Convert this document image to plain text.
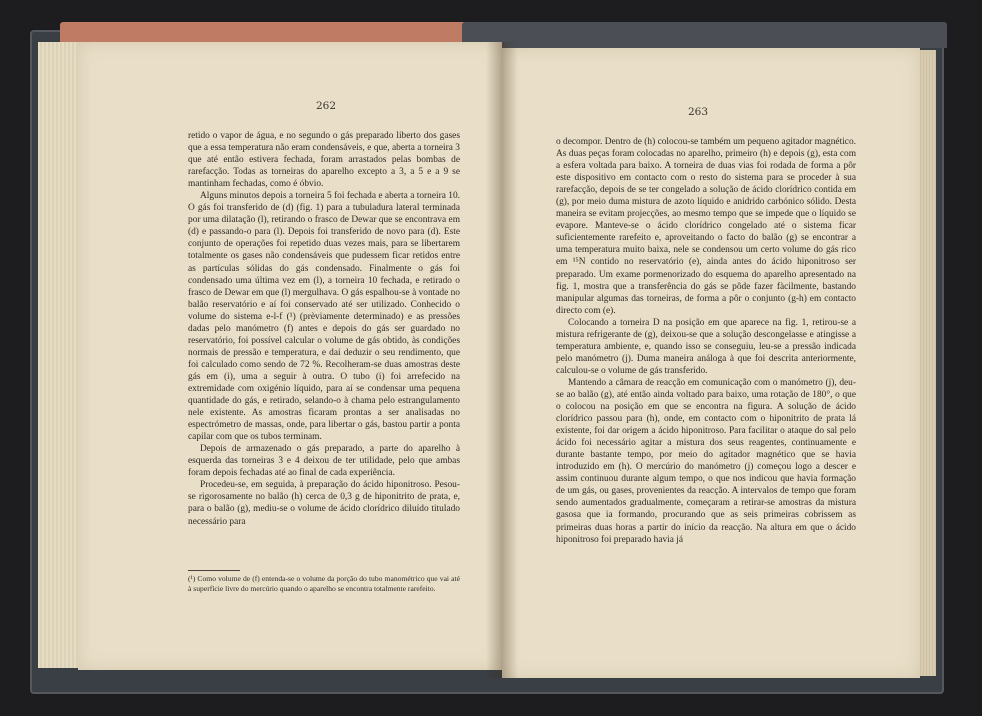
262	263

retido o vapor de água, e no segundo o gás preparado liberto dos gases que a essa temperatura não eram condensáveis, e que, aberta a torneira 3 que até então estivera fechada, foram arrastados pelas bombas de rarefacção. Todas as torneiras do aparelho excepto a 3, a 5 e a 9 se mantinham fechadas, como é óbvio.

Alguns minutos depois a torneira 5 foi fechada e aberta a torneira 10. O gás foi transferido de (d) (fig. 1) para a tubuladura lateral terminada por uma dilatação (l), retirando o frasco de Dewar que se encontrava em (d) e passando-o para (l). Depois foi transferido de novo para (d). Este conjunto de operações foi repetido duas vezes mais, para se libertarem totalmente os gases não condensáveis que pudessem ficar retidos entre as partículas sólidas do gás condensado. Finalmente o gás foi condensado uma última vez em (l), a torneira 10 fechada, e retirado o frasco de Dewar em que (l) mergulhava. O gás espalhou-se à vontade no balão reservatório e aí foi conservado até ser utilizado. Conhecido o volume do sistema e-l-f (¹) (prèviamente determinado) e as pressões dadas pelo manómetro (f) antes e depois do gás ser guardado no reservatório, foi possível calcular o volume de gás obtido, às condições normais de pressão e temperatura, e daí deduzir o seu rendimento, que foi calculado como sendo de 72 %. Recolheram-se duas amostras deste gás em (i), uma a seguir à outra. O tubo (i) foi arrefecido na extremidade com oxigénio líquido, para aí se condensar uma pequena quantidade do gás, e retirado, selando-o à chama pelo estrangulamento nele existente. As amostras ficaram prontas a ser analisadas no espectrómetro de massas, onde, para libertar o gás, bastou partir a ponta capilar com que os tubos terminam.

Depois de armazenado o gás preparado, a parte do aparelho à esquerda das torneiras 3 e 4 deixou de ter utilidade, pelo que ambas foram depois fechadas até ao final de cada experiência.

Procedeu-se, em seguida, à preparação do ácido hiponitroso. Pesou-se rigorosamente no balão (h) cerca de 0,3 g de hiponitrito de prata, e, para o balão (g), mediu-se o volume de ácido clorídrico diluído titulado necessário para

(¹) Como volume de (f) entenda-se o volume da porção do tubo manométrico que vai até à superfície livre do mercúrio quando o aparelho se encontra totalmente rarefeito.

o decompor. Dentro de (h) colocou-se também um pequeno agitador magnético. As duas peças foram colocadas no aparelho, primeiro (h) e depois (g), esta com a esfera voltada para baixo. A torneira de duas vias foi rodada de forma a pôr este dispositivo em contacto com o resto do sistema para se proceder à sua rarefacção, depois de se ter congelado a solução de ácido clorídrico contida em (g), por meio duma mistura de azoto líquido e anidrido carbónico sólido. Desta maneira se evitam projecções, ao mesmo tempo que se impede que o líquido se evapore. Manteve-se o ácido clorídrico congelado até o sistema ficar suficientemente rarefeito e, aproveitando o facto do balão (g) se encontrar a uma temperatura muito baixa, nele se condensou um certo volume do gás rico em ¹⁵N contido no reservatório (e), ainda antes do ácido hiponitroso ser preparado. Um exame pormenorizado do esquema do aparelho apresentado na fig. 1, mostra que a transferência do gás se pôde fazer fàcilmente, bastando manipular algumas das torneiras, de forma a pôr o conjunto (g-h) em contacto directo com (e).

Colocando a torneira D na posição em que aparece na fig. 1, retirou-se a mistura refrigerante de (g), deixou-se que a solução descongelasse e atingisse a temperatura ambiente, e, quando isso se conseguiu, leu-se a pressão indicada pelo manómetro (j). Duma maneira análoga à que foi descrita anteriormente, calculou-se o volume de gás transferido.

Mantendo a câmara de reacção em comunicação com o manómetro (j), deu-se ao balão (g), até então ainda voltado para baixo, uma rotação de 180°, o que o colocou na posição em que se encontra na figura. A solução de ácido clorídrico passou para (h), onde, em contacto com o hiponitrito de prata lá existente, foi dar origem a ácido hiponitroso. Para facilitar o ataque do sal pelo ácido foi necessário agitar a mistura dos seus reagentes, continuamente e durante bastante tempo, por meio do agitador magnético que se havia introduzido em (h). O mercúrio do manómetro (j) começou logo a descer e assim continuou durante algum tempo, o que nos indicou que havia formação de um gás, ou gases, provenientes da reacção. A intervalos de tempo que foram sendo aumentados gradualmente, começaram a retirar-se amostras da mistura gasosa que ia formando, procurando que as seis primeiras cobrissem as primeiras duas horas a partir do início da reacção. Na altura em que o ácido hiponitroso foi preparado havia já
